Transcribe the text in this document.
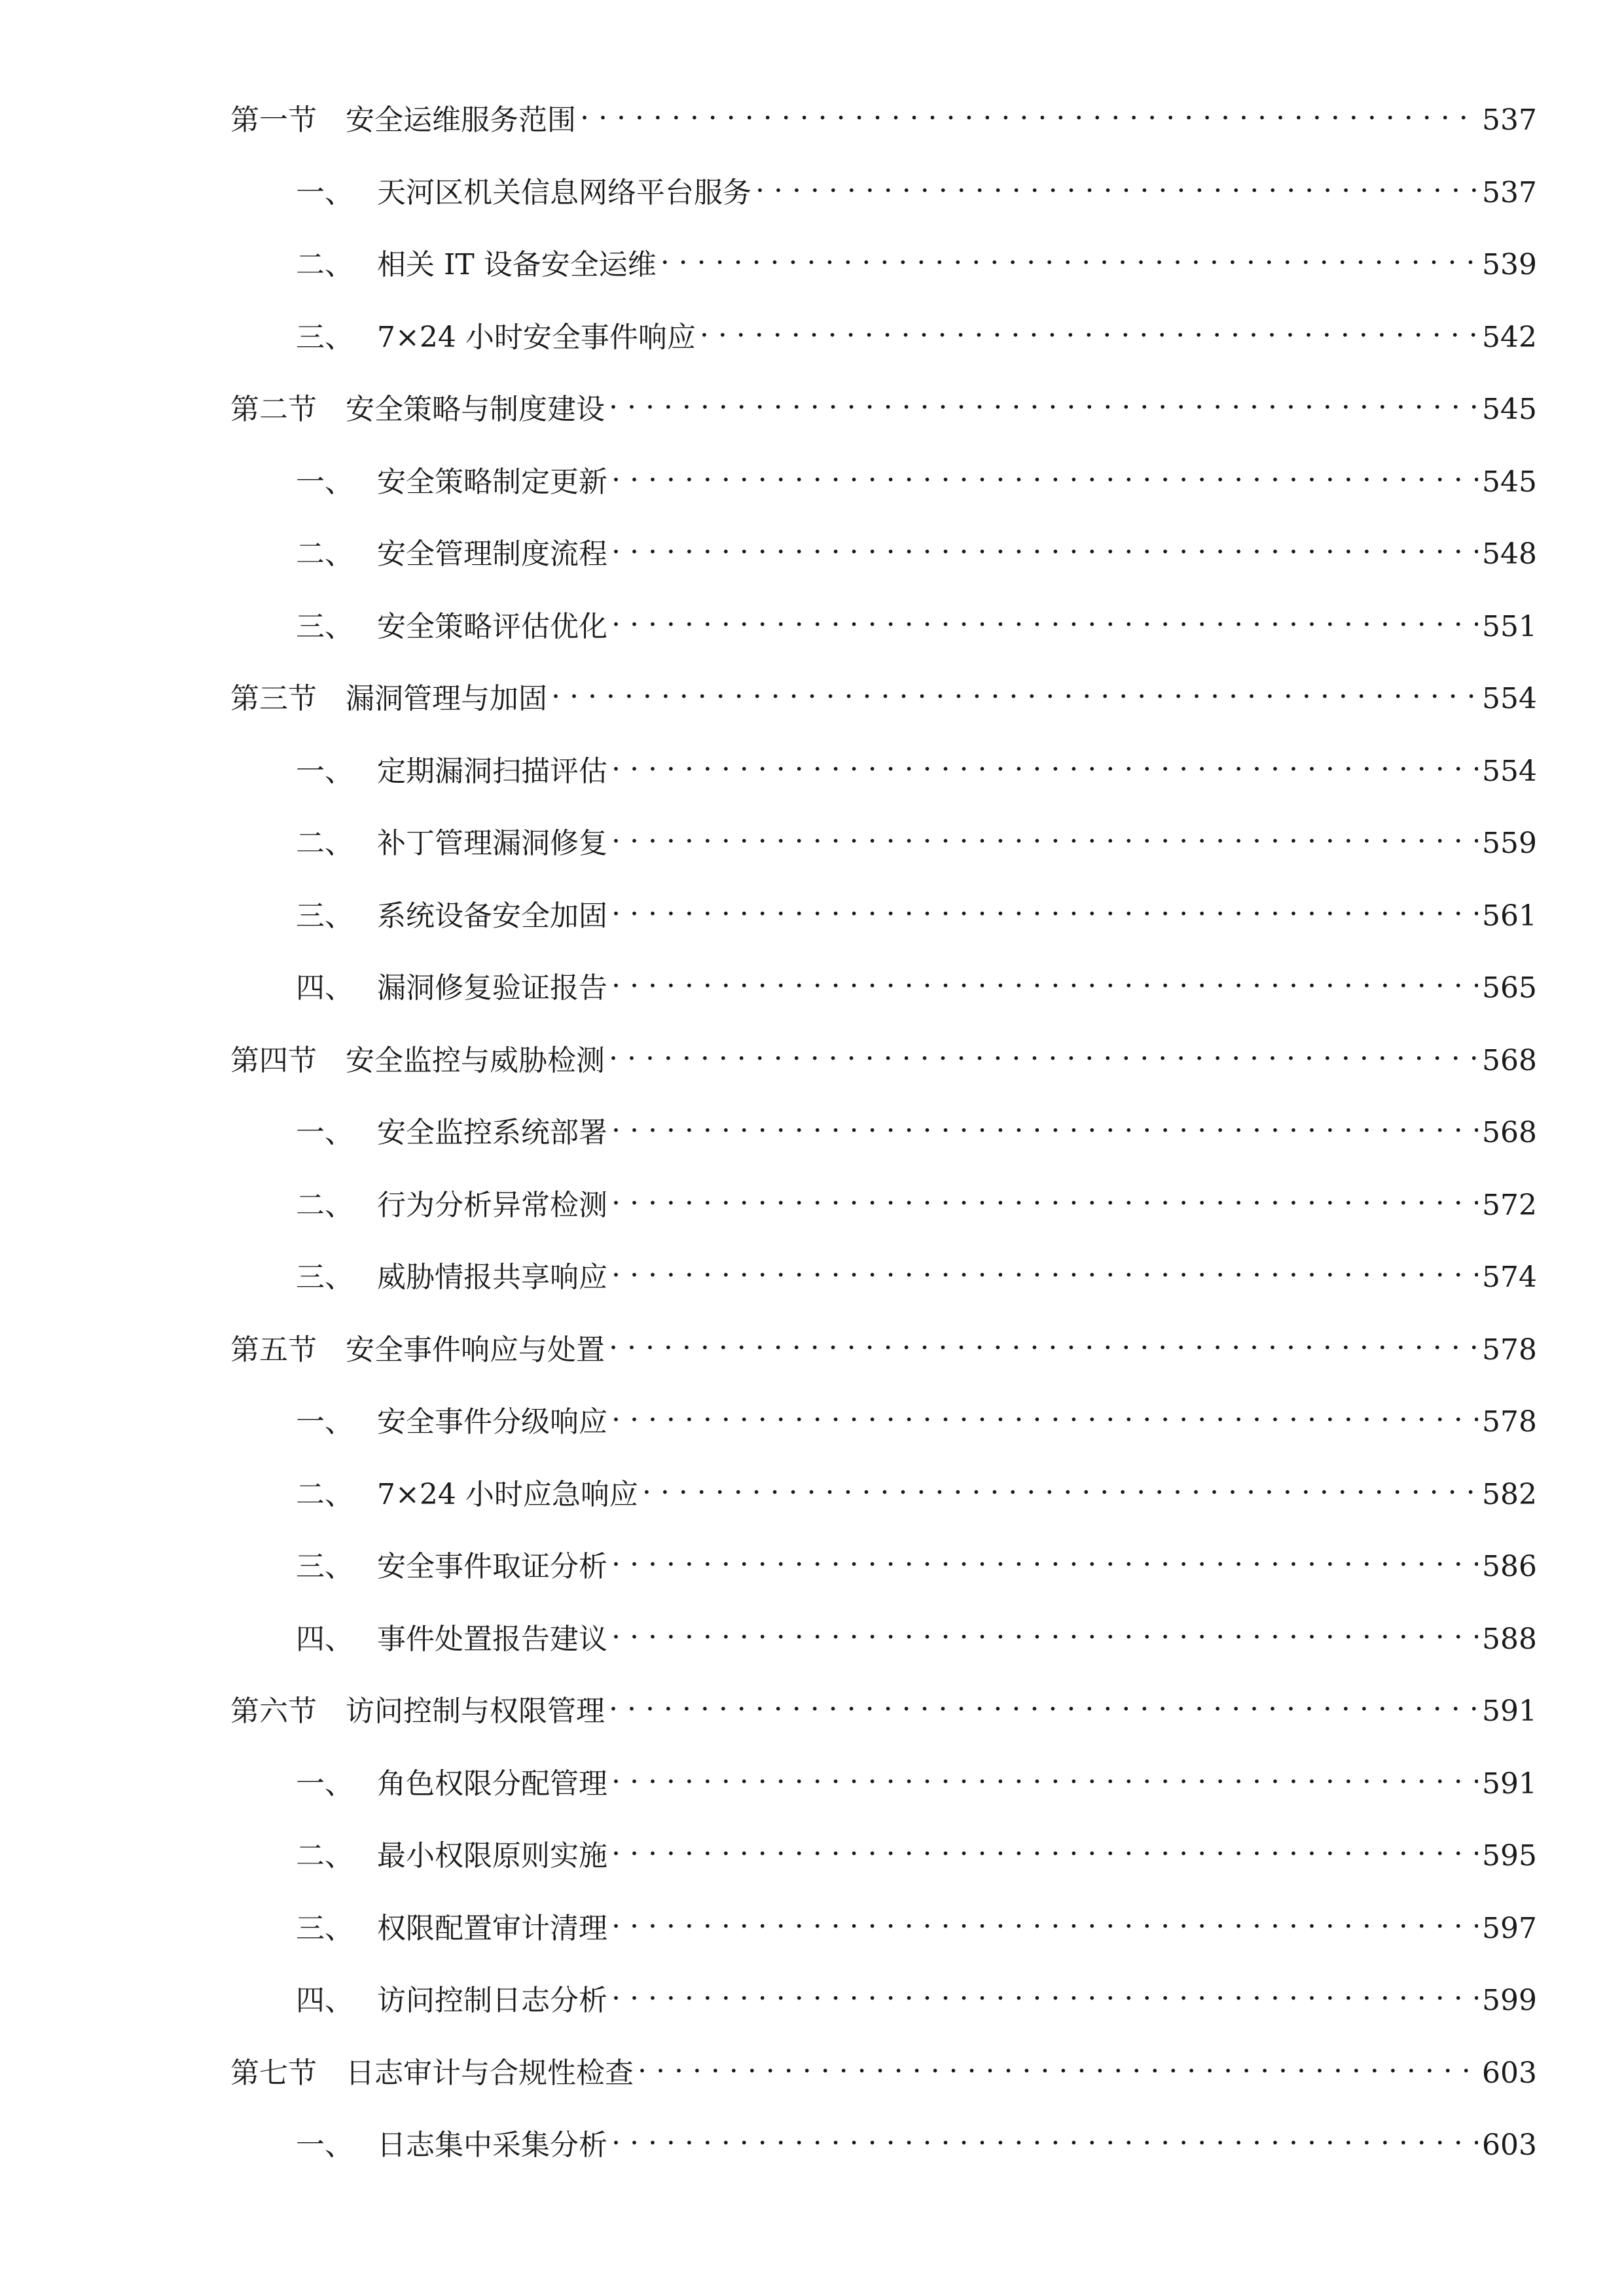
第一节	安全运维服务范围 . . .	537
一、 天河区机关信息网络平台服务 . . .	537
二、 相关 IT 设备安全运维 . . .	539
三、 7×24 小时安全事件响应 . . .	542
第二节	安全策略与制度建设 . . .	545
一、 安全策略制定更新 . . .	545
二、 安全管理制度流程 . . .	548
三、 安全策略评估优化 . . .	551
第三节	漏洞管理与加固 . . .	554
一、 定期漏洞扫描评估 . . .	554
二、 补丁管理漏洞修复 . . .	559
三、 系统设备安全加固 . . .	561
四、 漏洞修复验证报告 . . .	565
第四节	安全监控与威胁检测 . . .	568
一、 安全监控系统部署 . . .	568
二、 行为分析异常检测 . . .	572
三、 威胁情报共享响应 . . .	574
第五节	安全事件响应与处置 . . .	578
一、 安全事件分级响应 . . .	578
二、 7×24 小时应急响应 . . .	582
三、 安全事件取证分析 . . .	586
四、 事件处置报告建议 . . .	588
第六节	访问控制与权限管理 . . .	591
一、 角色权限分配管理 . . .	591
二、 最小权限原则实施 . . .	595
三、 权限配置审计清理 . . .	597
四、 访问控制日志分析 . . .	599
第七节	日志审计与合规性检查 . . .	603
一、 日志集中采集分析 . . .	603
